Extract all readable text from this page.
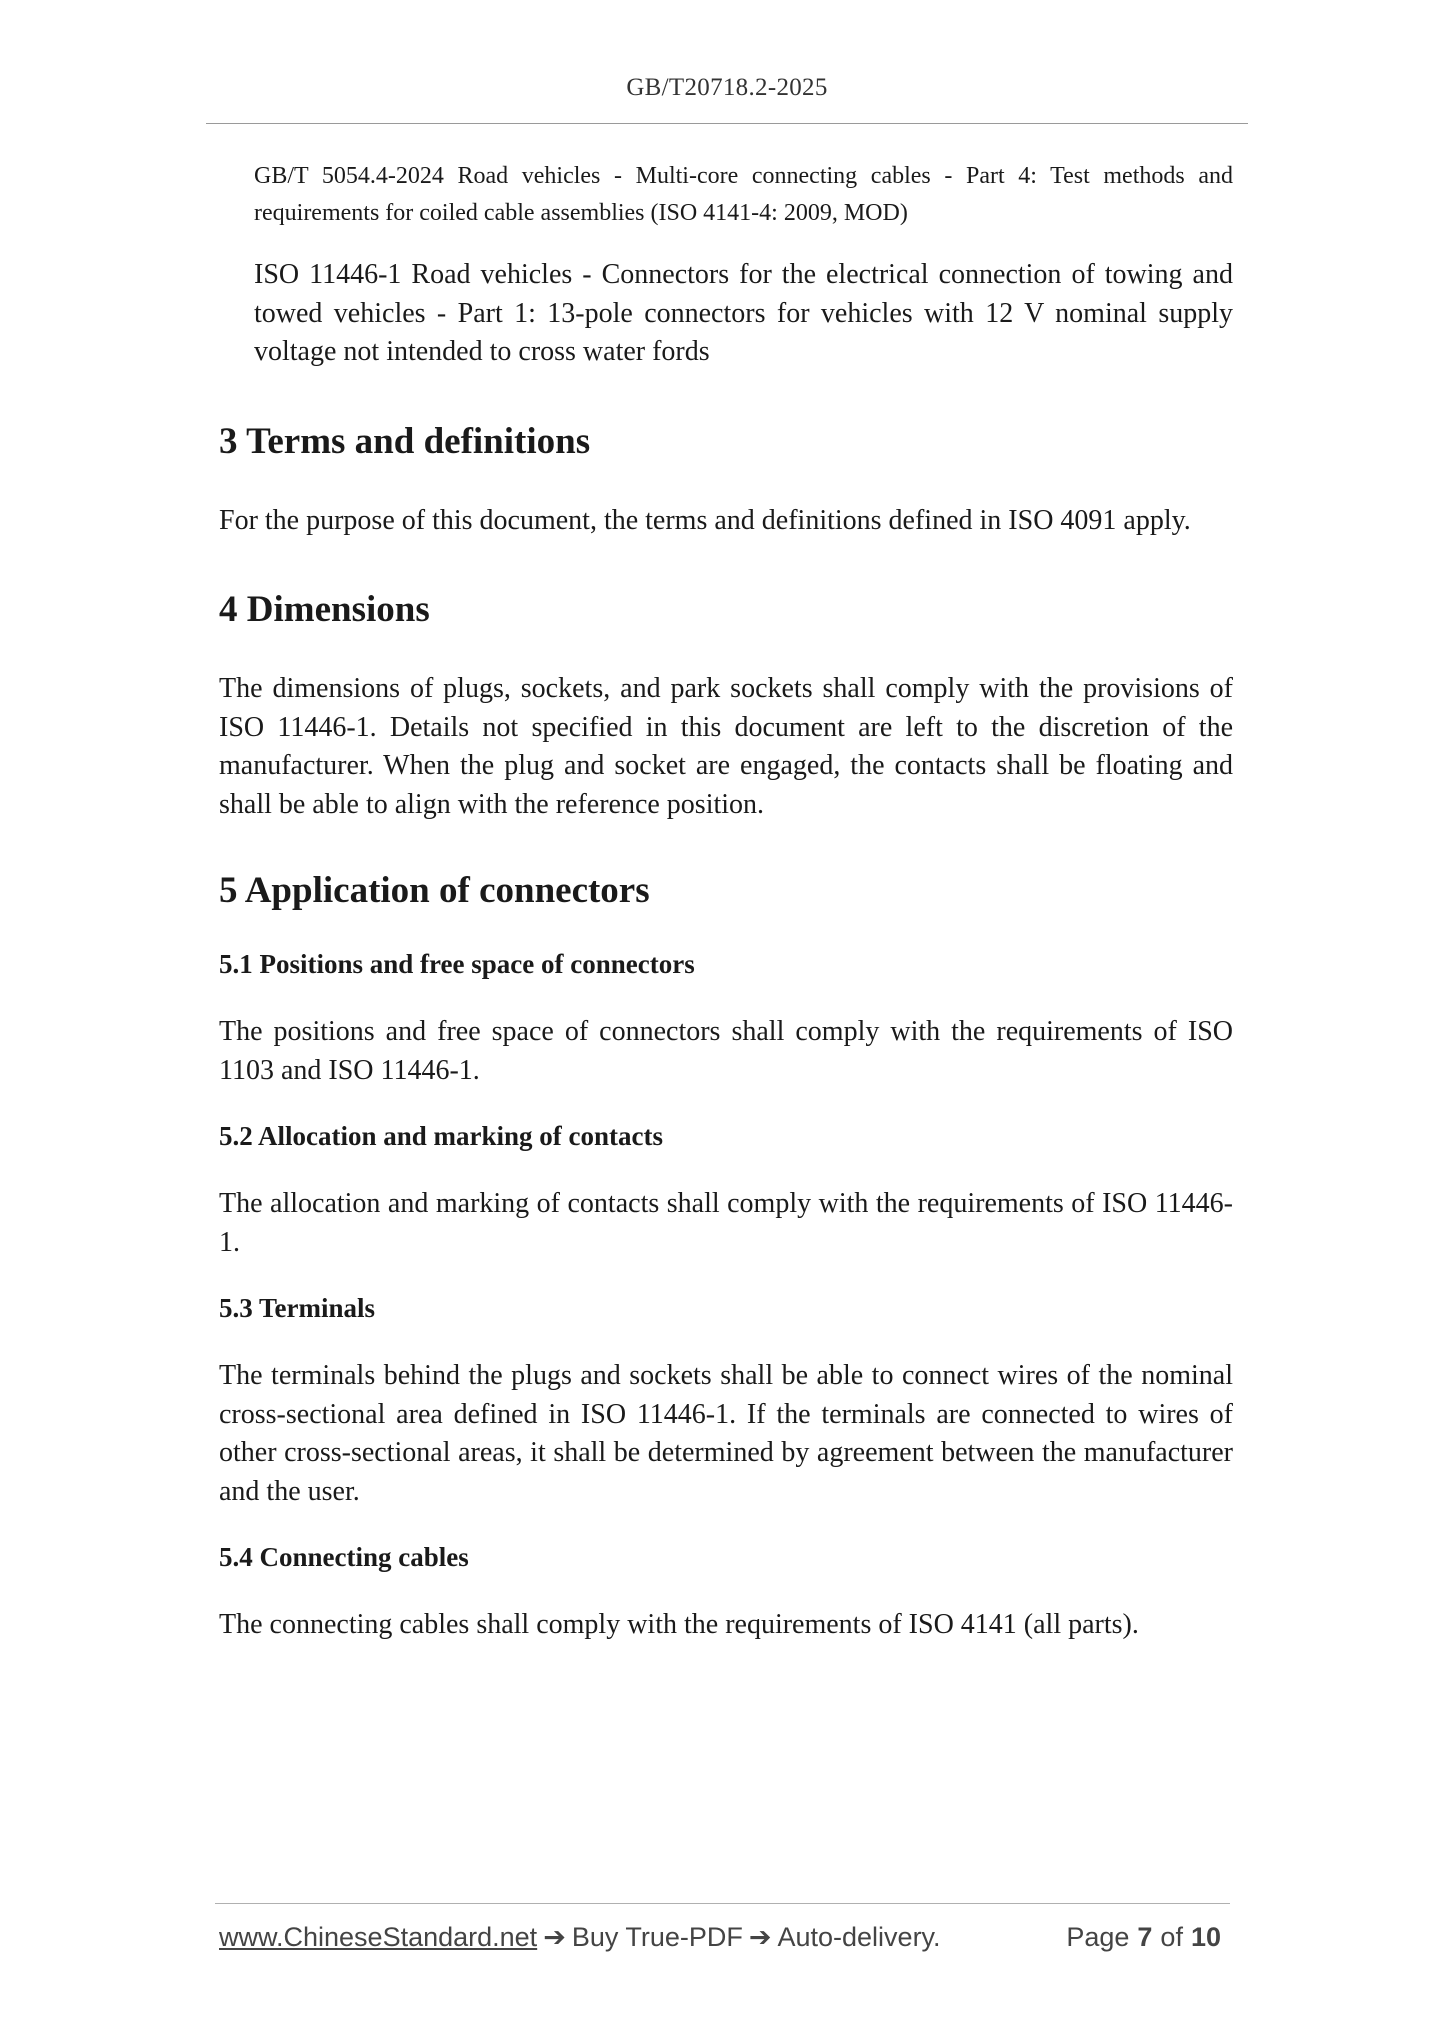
GB/T20718.2-2025

GB/T 5054.4-2024 Road vehicles - Multi-core connecting cables - Part 4: Test methods and requirements for coiled cable assemblies (ISO 4141-4: 2009, MOD)

ISO 11446-1 Road vehicles - Connectors for the electrical connection of towing and towed vehicles - Part 1: 13-pole connectors for vehicles with 12 V nominal supply voltage not intended to cross water fords

3 Terms and definitions

For the purpose of this document, the terms and definitions defined in ISO 4091 apply.

4 Dimensions

The dimensions of plugs, sockets, and park sockets shall comply with the provisions of ISO 11446-1. Details not specified in this document are left to the discretion of the manufacturer. When the plug and socket are engaged, the contacts shall be floating and shall be able to align with the reference position.

5 Application of connectors
5.1 Positions and free space of connectors

The positions and free space of connectors shall comply with the requirements of ISO 1103 and ISO 11446-1.

5.2 Allocation and marking of contacts

The allocation and marking of contacts shall comply with the requirements of ISO 11446-1.

5.3 Terminals

The terminals behind the plugs and sockets shall be able to connect wires of the nominal cross-sectional area defined in ISO 11446-1. If the terminals are connected to wires of other cross-sectional areas, it shall be determined by agreement between the manufacturer and the user.

5.4 Connecting cables

The connecting cables shall comply with the requirements of ISO 4141 (all parts).

www.ChineseStandard.net ➔ Buy True-PDF ➔ Auto-delivery.	Page 7 of 10
